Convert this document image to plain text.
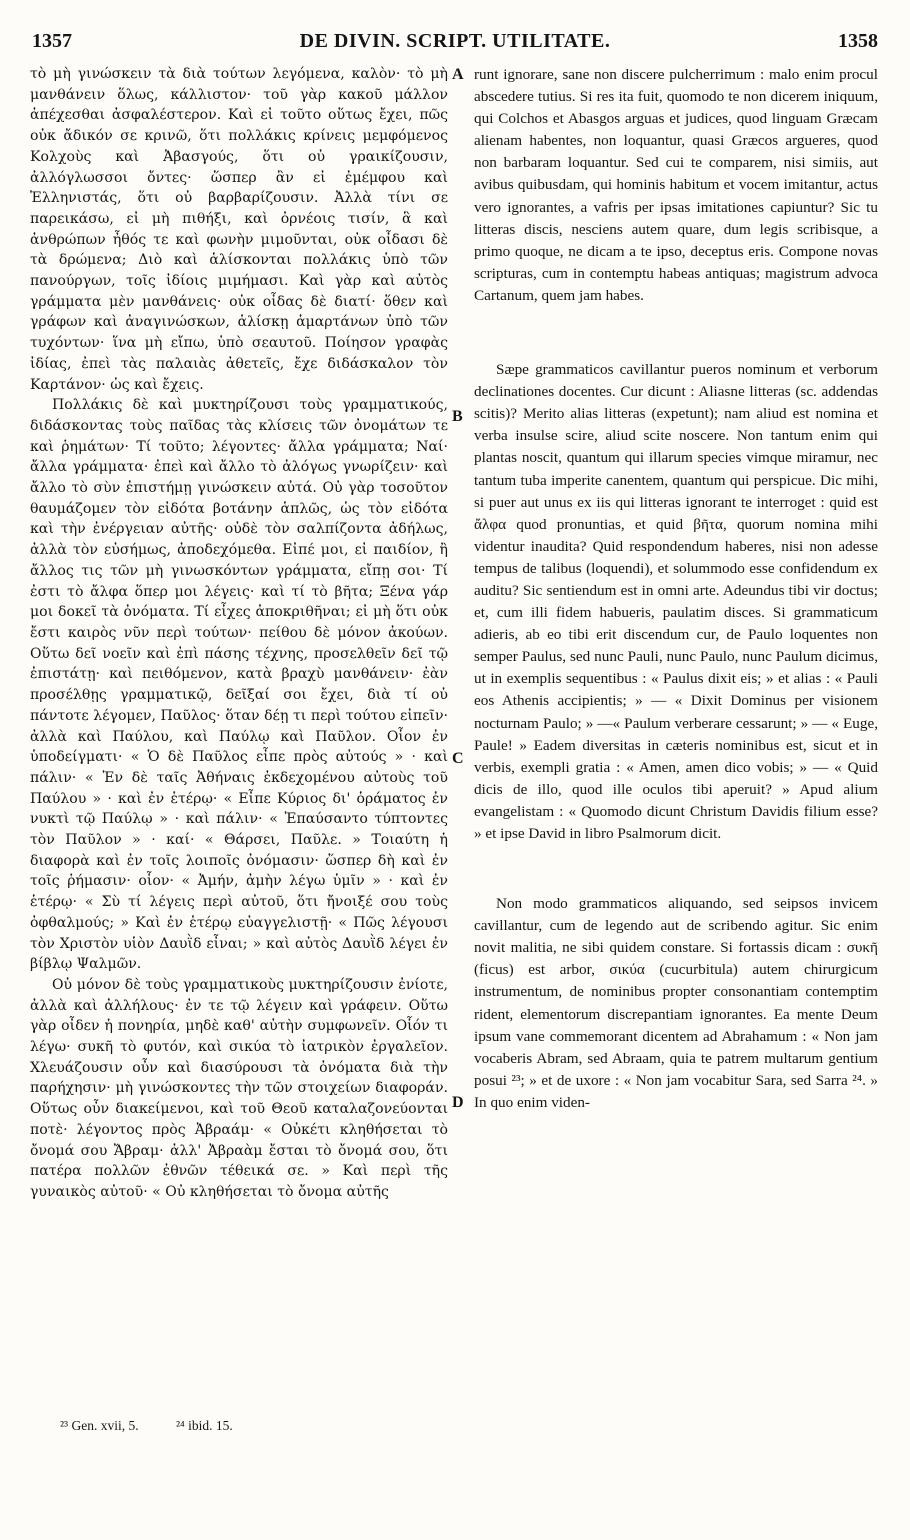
1357	DE DIVIN. SCRIPT. UTILITATE.	1358

τὸ μὴ γινώσκειν τὰ διὰ τούτων λεγόμενα, καλὸν· τὸ μὴ μανθάνειν ὅλως, κάλλιστον· τοῦ γὰρ κακοῦ μάλλον ἀπέχεσθαι ἀσφαλέστερον. Καὶ εἰ τοῦτο οὕτως ἔχει, πῶς οὐκ ἄδικόν σε κρινῶ, ὅτι πολλάκις κρίνεις μεμφόμενος Κολχοὺς καὶ Ἀβασγούς, ὅτι οὐ γραικίζουσιν, ἀλλόγλωσσοι ὄντες· ὥσπερ ἂν εἰ ἐμέμφου καὶ Ἑλληνιστάς, ὅτι οὐ βαρβαρίζουσιν. Ἀλλὰ τίνι σε παρεικάσω, εἰ μὴ πιθήξι, καὶ ὀρνέοις τισίν, ἃ καὶ ἀνθρώπων ἦθός τε καὶ φωνὴν μιμοῦνται, οὐκ οἶδασι δὲ τὰ δρώμενα; Διὸ καὶ ἁλίσκονται πολλάκις ὑπὸ τῶν πανούργων, τοῖς ἰδίοις μιμήμασι. Καὶ γὰρ καὶ αὐτὸς γράμματα μὲν μανθάνεις· οὐκ οἶδας δὲ διατί· ὅθεν καὶ γράφων καὶ ἀναγινώσκων, ἁλίσκῃ ἁμαρτάνων ὑπὸ τῶν τυχόντων· ἵνα μὴ εἴπω, ὑπὸ σεαυτοῦ. Ποίησον γραφὰς ἰδίας, ἐπεὶ τὰς παλαιὰς ἀθετεῖς, ἔχε διδάσκαλον τὸν Καρτάνον· ὡς καὶ ἔχεις.

Πολλάκις δὲ καὶ μυκτηρίζουσι τοὺς γραμματικούς, διδάσκοντας τοὺς παῖδας τὰς κλίσεις τῶν ὀνομάτων τε καὶ ῥημάτων· Τί τοῦτο; λέγοντες· ἄλλα γράμματα; Ναί· ἄλλα γράμματα· ἐπεὶ καὶ ἄλλο τὸ ἀλόγως γνωρίζειν· καὶ ἄλλο τὸ σὺν ἐπιστήμῃ γινώσκειν αὐτά. Οὐ γὰρ τοσοῦτον θαυμάζομεν τὸν εἰδότα βοτάνην ἁπλῶς, ὡς τὸν εἰδότα καὶ τὴν ἐνέργειαν αὐτῆς· οὐδὲ τὸν σαλπίζοντα ἀδήλως, ἀλλὰ τὸν εὐσήμως, ἀποδεχόμεθα. Εἰπέ μοι, εἰ παιδίον, ἢ ἄλλος τις τῶν μὴ γινωσκόντων γράμματα, εἴπῃ σοι· Τί ἐστι τὸ ἄλφα ὅπερ μοι λέγεις· καὶ τί τὸ βῆτα; Ξένα γάρ μοι δοκεῖ τὰ ὀνόματα. Τί εἶχες ἀποκριθῆναι; εἰ μὴ ὅτι οὐκ ἔστι καιρὸς νῦν περὶ τούτων· πείθου δὲ μόνον ἀκούων. Οὕτω δεῖ νοεῖν καὶ ἐπὶ πάσης τέχνης, προσελθεῖν δεῖ τῷ ἐπιστάτῃ· καὶ πειθόμενον, κατὰ βραχὺ μανθάνειν· ἐὰν προσέλθῃς γραμματικῷ, δεῖξαί σοι ἔχει, διὰ τί οὐ πάντοτε λέγομεν, Παῦλος· ὅταν δέῃ τι περὶ τούτου εἰπεῖν· ἀλλὰ καὶ Παύλου, καὶ Παύλῳ καὶ Παῦλον. Οἷον ἐν ὑποδείγματι· « Ὁ δὲ Παῦλος εἶπε πρὸς αὐτούς » · καὶ πάλιν· « Ἐν δὲ ταῖς Ἀθήναις ἐκδεχομένου αὐτοὺς τοῦ Παύλου » · καὶ ἐν ἑτέρῳ· « Εἶπε Κύριος δι' ὁράματος ἐν νυκτὶ τῷ Παύλῳ » · καὶ πάλιν· « Ἐπαύσαντο τύπτοντες τὸν Παῦλον » · καί· « Θάρσει, Παῦλε. » Τοιαύτη ἡ διαφορὰ καὶ ἐν τοῖς λοιποῖς ὀνόμασιν· ὥσπερ δὴ καὶ ἐν τοῖς ῥήμασιν· οἷον· « Ἀμήν, ἀμὴν λέγω ὑμῖν » · καὶ ἐν ἑτέρῳ· « Σὺ τί λέγεις περὶ αὐτοῦ, ὅτι ἤνοιξέ σου τοὺς ὀφθαλμούς; » Καὶ ἐν ἑτέρῳ εὐαγγελιστῇ· « Πῶς λέγουσι τὸν Χριστὸν υἱὸν Δαυῒδ εἶναι; » καὶ αὐτὸς Δαυῒδ λέγει ἐν βίβλῳ Ψαλμῶν.

Οὐ μόνον δὲ τοὺς γραμματικοὺς μυκτηρίζουσιν ἐνίοτε, ἀλλὰ καὶ ἀλλήλους· ἐν τε τῷ λέγειν καὶ γράφειν. Οὕτω γὰρ οἶδεν ἡ πονηρία, μηδὲ καθ' αὐτὴν συμφωνεῖν. Οἷόν τι λέγω· συκῆ τὸ φυτόν, καὶ σικύα τὸ ἰατρικὸν ἐργαλεῖον. Χλευάζουσιν οὖν καὶ διασύρουσι τὰ ὀνόματα διὰ τὴν παρήχησιν· μὴ γινώσκοντες τὴν τῶν στοιχείων διαφοράν. Οὕτως οὖν διακείμενοι, καὶ τοῦ Θεοῦ καταλαζονεύονται ποτὲ· λέγοντος πρὸς Ἀβραάμ· « Οὐκέτι κληθήσεται τὸ ὄνομά σου Ἄβραμ· ἀλλ' Ἀβραὰμ ἔσται τὸ ὄνομά σου, ὅτι πατέρα πολλῶν ἐθνῶν τέθεικά σε. » Καὶ περὶ τῆς γυναικὸς αὐτοῦ· « Οὐ κληθήσεται τὸ ὄνομα αὐτῆς

A
B
C
D

runt ignorare, sane non discere pulcherrimum : malo enim procul abscedere tutius. Si res ita fuit, quomodo te non dicerem iniquum, qui Colchos et Abasgos arguas et judices, quod linguam Græcam alienam habentes, non loquantur, quasi Græcos argueres, quod non barbaram loquantur. Sed cui te comparem, nisi simiis, aut avibus quibusdam, qui hominis habitum et vocem imitantur, actus vero ignorantes, a vafris per ipsas imitationes capiuntur? Sic tu litteras discis, nesciens autem quare, dum legis scribisque, a primo quoque, ne dicam a te ipso, deceptus eris. Compone novas scripturas, cum in contemptu habeas antiquas; magistrum advoca Cartanum, quem jam habes.

Sæpe grammaticos cavillantur pueros nominum et verborum declinationes docentes. Cur dicunt : Aliasne litteras (sc. addendas scitis)? Merito alias litteras (expetunt); nam aliud est nomina et verba insulse scire, aliud scite noscere. Non tantum enim qui plantas noscit, quantum qui illarum species vimque miramur, nec tantum tuba imperite canentem, quantum qui perspicue. Dic mihi, si puer aut unus ex iis qui litteras ignorant te interroget : quid est ἄλφα quod pronuntias, et quid βῆτα, quorum nomina mihi videntur inaudita? Quid respondendum haberes, nisi non adesse tempus de talibus (loquendi), et solummodo esse confidendum ex auditu? Sic sentiendum est in omni arte. Adeundus tibi vir doctus; et, cum illi fidem habueris, paulatim disces. Si grammaticum adieris, ab eo tibi erit discendum cur, de Paulo loquentes non semper Paulus, sed nunc Pauli, nunc Paulo, nunc Paulum dicimus, ut in exemplis sequentibus : « Paulus dixit eis; » et alias : « Pauli eos Athenis accipientis; » — « Dixit Dominus per visionem nocturnam Paulo; » —« Paulum verberare cessarunt; » — « Euge, Paule! » Eadem diversitas in cæteris nominibus est, sicut et in verbis, exempli gratia : « Amen, amen dico vobis; » — « Quid dicis de illo, quod ille oculos tibi aperuit? » Apud alium evangelistam : « Quomodo dicunt Christum Davidis filium esse? » et ipse David in libro Psalmorum dicit.

Non modo grammaticos aliquando, sed seipsos invicem cavillantur, cum de legendo aut de scribendo agitur. Sic enim novit malitia, ne sibi quidem constare. Si fortassis dicam : συκῆ (ficus) est arbor, σικύα (cucurbitula) autem chirurgicum instrumentum, de nominibus propter consonantiam contemptim rident, elementorum discrepantiam ignorantes. Ea mente Deum ipsum vane commemorant dicentem ad Abrahamum : « Non jam vocaberis Abram, sed Abraam, quia te patrem multarum gentium posui ²³; » et de uxore : « Non jam vocabitur Sara, sed Sarra ²⁴. » In quo enim viden-

²³ Gen. xvii, 5.	²⁴ ibid. 15.
